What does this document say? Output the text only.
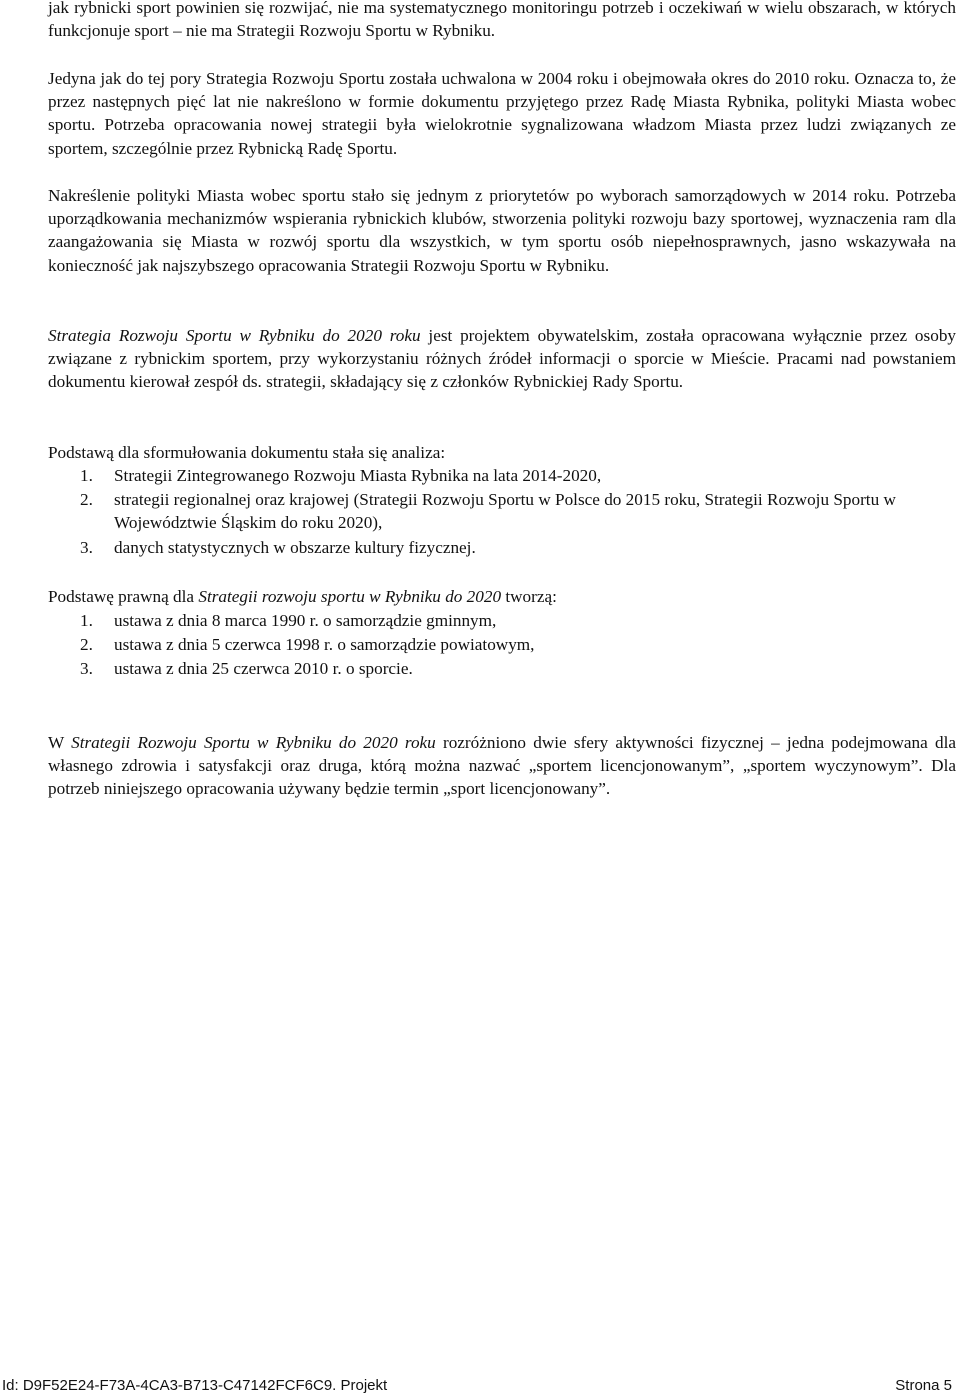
jak rybnicki sport powinien się rozwijać, nie ma systematycznego monitoringu potrzeb i oczekiwań w wielu obszarach, w których funkcjonuje sport – nie ma Strategii Rozwoju Sportu w Rybniku.

Jedyna jak do tej pory Strategia Rozwoju Sportu została uchwalona w 2004 roku i obejmowała okres do 2010 roku. Oznacza to, że przez następnych pięć lat nie nakreślono w formie dokumentu przyjętego przez Radę Miasta Rybnika, polityki Miasta wobec sportu. Potrzeba opracowania nowej strategii była wielokrotnie sygnalizowana władzom Miasta przez ludzi związanych ze sportem, szczególnie przez Rybnicką Radę Sportu.

Nakreślenie polityki Miasta wobec sportu stało się jednym z priorytetów po wyborach samorządowych w 2014 roku. Potrzeba uporządkowania mechanizmów wspierania rybnickich klubów, stworzenia polityki rozwoju bazy sportowej, wyznaczenia ram dla zaangażowania się Miasta w rozwój sportu dla wszystkich, w tym sportu osób niepełnosprawnych, jasno wskazywała na konieczność jak najszybszego opracowania Strategii Rozwoju Sportu w Rybniku.

Strategia Rozwoju Sportu w Rybniku do 2020 roku jest projektem obywatelskim, została opracowana wyłącznie przez osoby związane z rybnickim sportem, przy wykorzystaniu różnych źródeł informacji o sporcie w Mieście. Pracami nad powstaniem dokumentu kierował zespół ds. strategii, składający się z członków Rybnickiej Rady Sportu.

Podstawą dla sformułowania dokumentu stała się analiza:

1. Strategii Zintegrowanego Rozwoju Miasta Rybnika na lata 2014-2020,
2. strategii regionalnej oraz krajowej (Strategii Rozwoju Sportu w Polsce do 2015 roku, Strategii Rozwoju Sportu w Województwie Śląskim do roku 2020),
3. danych statystycznych w obszarze kultury fizycznej.

Podstawę prawną dla Strategii rozwoju sportu w Rybniku do 2020 tworzą:

1. ustawa z dnia 8 marca 1990 r. o samorządzie gminnym,
2. ustawa z dnia 5 czerwca 1998 r. o samorządzie powiatowym,
3. ustawa z dnia 25 czerwca 2010 r. o sporcie.

W Strategii Rozwoju Sportu w Rybniku do 2020 roku rozróżniono dwie sfery aktywności fizycznej – jedna podejmowana dla własnego zdrowia i satysfakcji oraz druga, którą można nazwać „sportem licencjonowanym”, „sportem wyczynowym”. Dla potrzeb niniejszego opracowania używany będzie termin „sport licencjonowany”.

Id: D9F52E24-F73A-4CA3-B713-C47142FCF6C9. Projekt	Strona 5
